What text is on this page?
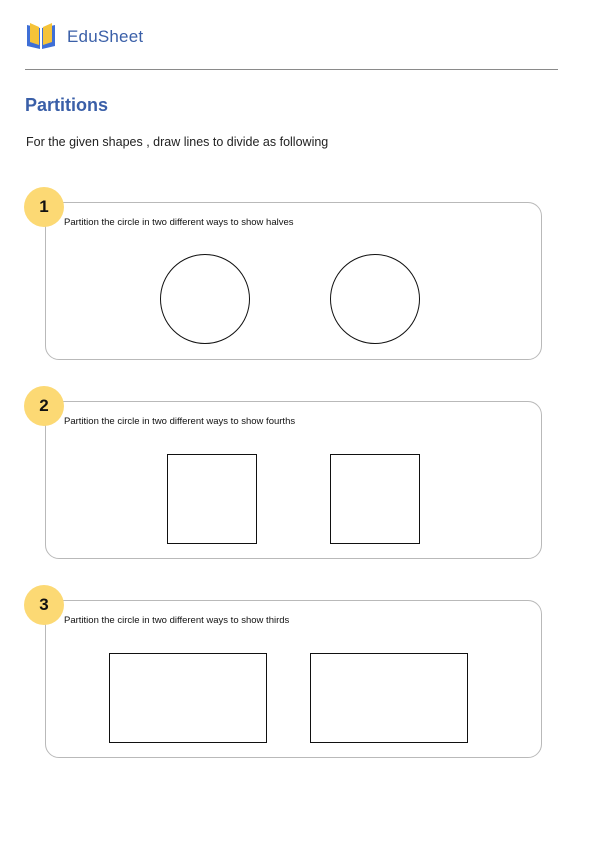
EduSheet
Partitions
For the given shapes , draw lines to divide as following
1
Partition the circle in two different ways to show halves
2
Partition the circle in two different ways to show fourths
3
Partition the circle in two different ways to show thirds
